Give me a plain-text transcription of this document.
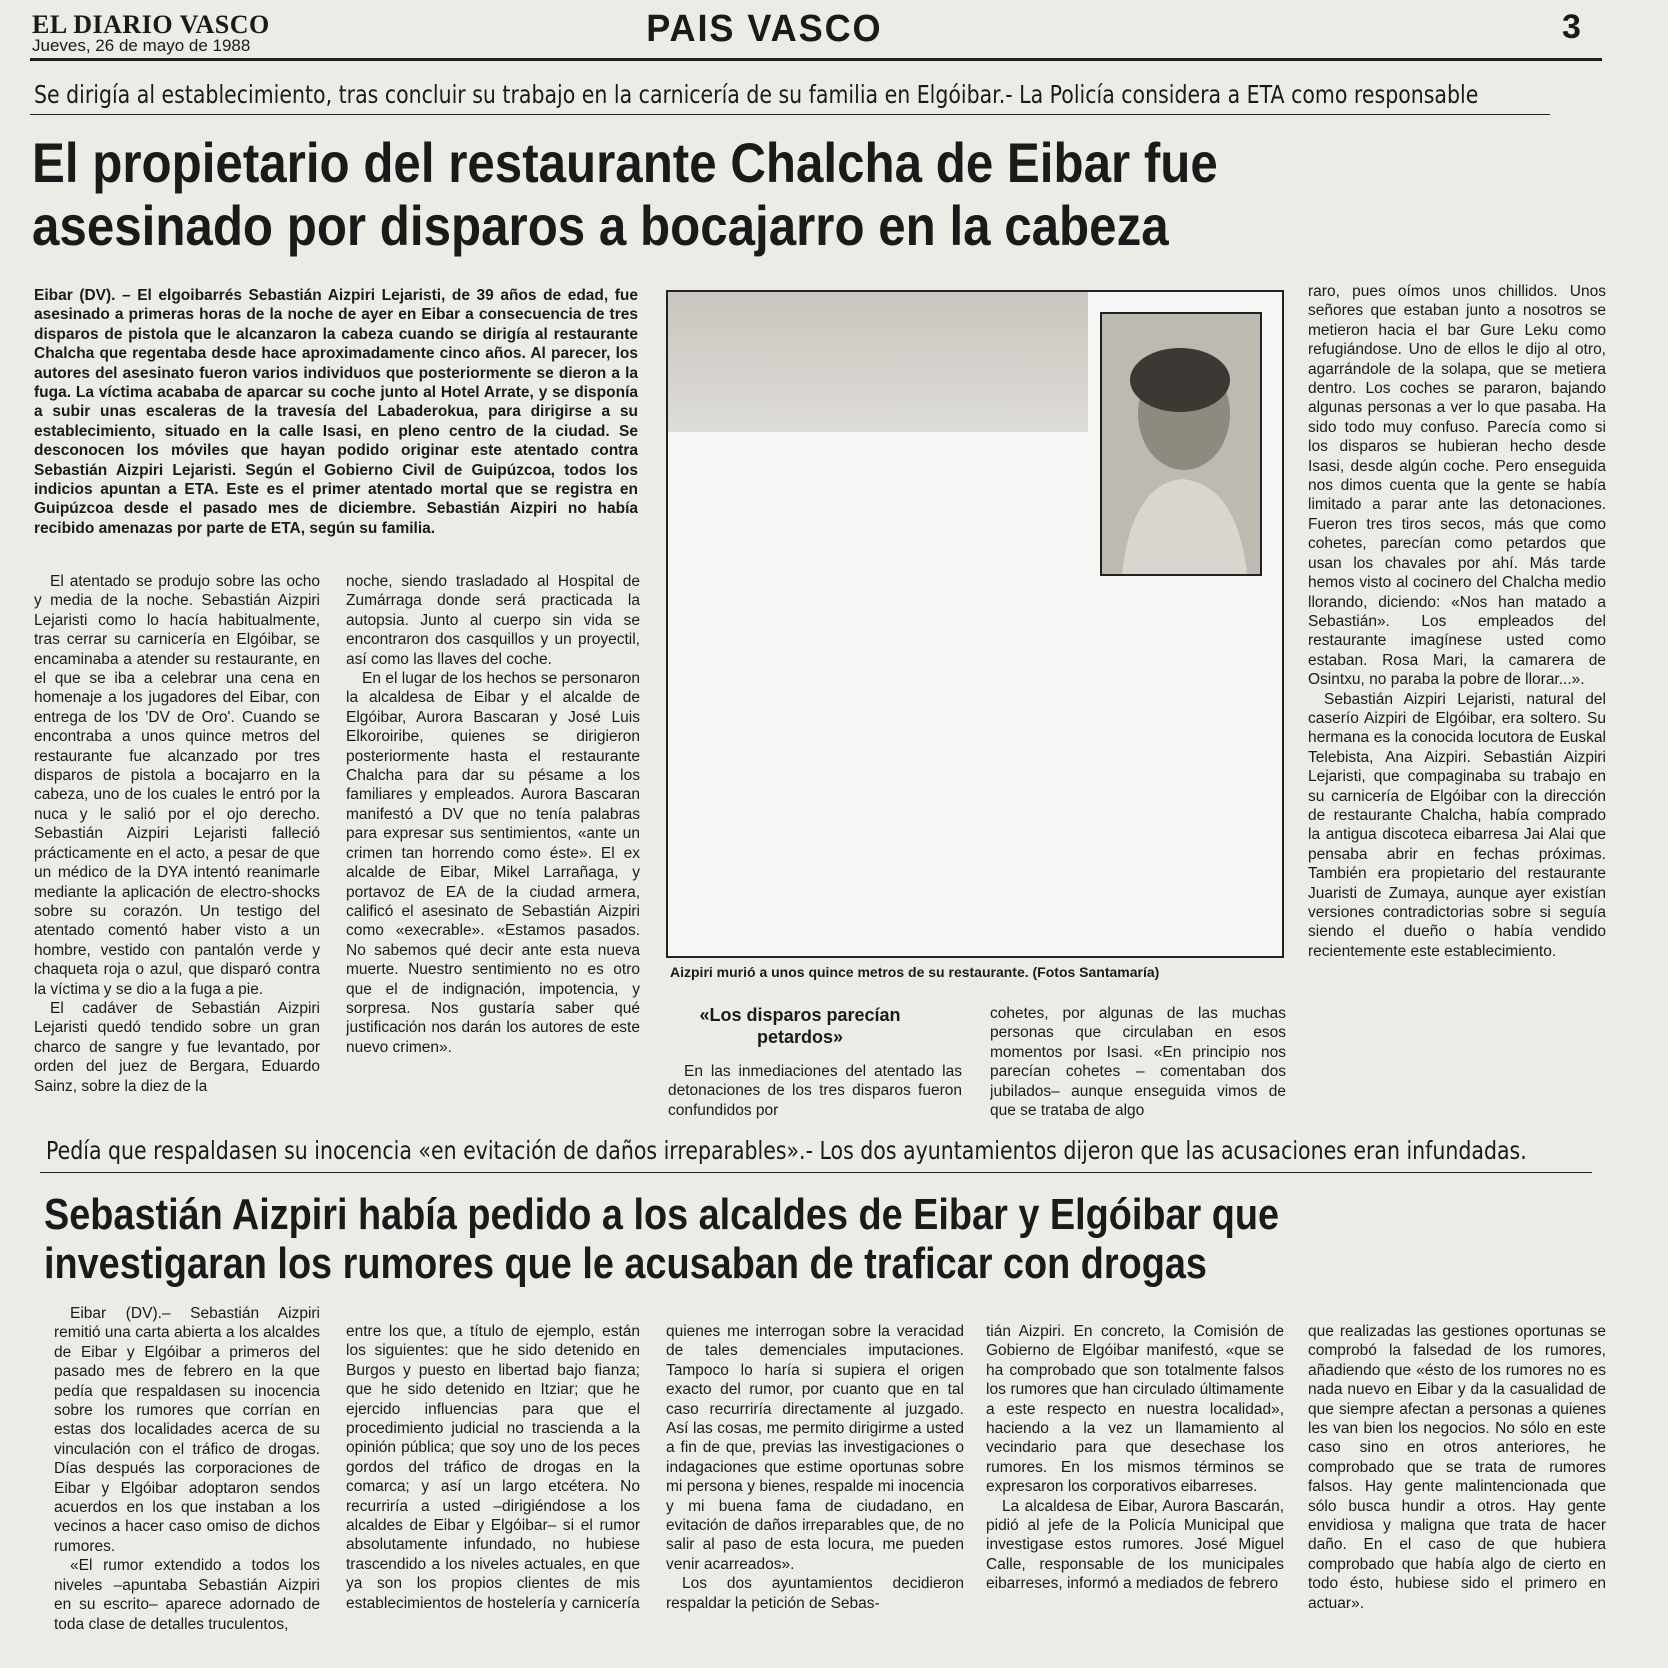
EL DIARIO VASCO
Jueves, 26 de mayo de 1988	PAIS VASCO	3
Se dirigía al establecimiento, tras concluir su trabajo en la carnicería de su familia en Elgóibar.- La Policía considera a ETA como responsable
El propietario del restaurante Chalcha de Eibar fue
asesinado por disparos a bocajarro en la cabeza
Eibar (DV). – El elgoibarrés Sebastián Aizpiri Lejaristi, de 39 años de edad, fue asesinado a primeras horas de la noche de ayer en Eibar a consecuencia de tres disparos de pistola que le alcanzaron la cabeza cuando se dirigía al restaurante Chalcha que regentaba desde hace aproximadamente cinco años. Al parecer, los autores del asesinato fueron varios individuos que posteriormente se dieron a la fuga. La víctima acababa de aparcar su coche junto al Hotel Arrate, y se disponía a subir unas escaleras de la travesía del Labaderokua, para dirigirse a su establecimiento, situado en la calle Isasi, en pleno centro de la ciudad. Se desconocen los móviles que hayan podido originar este atentado contra Sebastián Aizpiri Lejaristi. Según el Gobierno Civil de Guipúzcoa, todos los indicios apuntan a ETA. Este es el primer atentado mortal que se registra en Guipúzcoa desde el pasado mes de diciembre. Sebastián Aizpiri no había recibido amenazas por parte de ETA, según su familia.

El atentado se produjo sobre las ocho y media de la noche. Sebastián Aizpiri Lejaristi como lo hacía habitualmente, tras cerrar su carnicería en Elgóibar, se encaminaba a atender su restaurante, en el que se iba a celebrar una cena en homenaje a los jugadores del Eibar, con entrega de los 'DV de Oro'. Cuando se encontraba a unos quince metros del restaurante fue alcanzado por tres disparos de pistola a bocajarro en la cabeza, uno de los cuales le entró por la nuca y le salió por el ojo derecho. Sebastián Aizpiri Lejaristi falleció prácticamente en el acto, a pesar de que un médico de la DYA intentó reanimarle mediante la aplicación de electro-shocks sobre su corazón. Un testigo del atentado comentó haber visto a un hombre, vestido con pantalón verde y chaqueta roja o azul, que disparó contra la víctima y se dio a la fuga a pie.

El cadáver de Sebastián Aizpiri Lejaristi quedó tendido sobre un gran charco de sangre y fue levantado, por orden del juez de Bergara, Eduardo Sainz, sobre la diez de la

noche, siendo trasladado al Hospital de Zumárraga donde será practicada la autopsia. Junto al cuerpo sin vida se encontraron dos casquillos y un proyectil, así como las llaves del coche.

En el lugar de los hechos se personaron la alcaldesa de Eibar y el alcalde de Elgóibar, Aurora Bascaran y José Luis Elkoroiribe, quienes se dirigieron posteriormente hasta el restaurante Chalcha para dar su pésame a los familiares y empleados. Aurora Bascaran manifestó a DV que no tenía palabras para expresar sus sentimientos, «ante un crimen tan horrendo como éste». El ex alcalde de Eibar, Mikel Larrañaga, y portavoz de EA de la ciudad armera, calificó el asesinato de Sebastián Aizpiri como «execrable». «Estamos pasados. No sabemos qué decir ante esta nueva muerte. Nuestro sentimiento no es otro que el de indignación, impotencia, y sorpresa. Nos gustaría saber qué justificación nos darán los autores de este nuevo crimen».

Aizpiri murió a unos quince metros de su restaurante. (Fotos Santamaría)
«Los disparos parecían petardos»

En las inmediaciones del atentado las detonaciones de los tres disparos fueron confundidos por

cohetes, por algunas de las muchas personas que circulaban en esos momentos por Isasi. «En principio nos parecían cohetes – comentaban dos jubilados– aunque enseguida vimos de que se trataba de algo

raro, pues oímos unos chillidos. Unos señores que estaban junto a nosotros se metieron hacia el bar Gure Leku como refugiándose. Uno de ellos le dijo al otro, agarrándole de la solapa, que se metiera dentro. Los coches se pararon, bajando algunas personas a ver lo que pasaba. Ha sido todo muy confuso. Parecía como si los disparos se hubieran hecho desde Isasi, desde algún coche. Pero enseguida nos dimos cuenta que la gente se había limitado a parar ante las detonaciones. Fueron tres tiros secos, más que como cohetes, parecían como petardos que usan los chavales por ahí. Más tarde hemos visto al cocinero del Chalcha medio llorando, diciendo: «Nos han matado a Sebastián». Los empleados del restaurante imagínese usted como estaban. Rosa Mari, la camarera de Osintxu, no paraba la pobre de llorar...».

Sebastián Aizpiri Lejaristi, natural del caserío Aizpiri de Elgóibar, era soltero. Su hermana es la conocida locutora de Euskal Telebista, Ana Aizpiri. Sebastián Aizpiri Lejaristi, que compaginaba su trabajo en su carnicería de Elgóibar con la dirección de restaurante Chalcha, había comprado la antigua discoteca eibarresa Jai Alai que pensaba abrir en fechas próximas. También era propietario del restaurante Juaristi de Zumaya, aunque ayer existían versiones contradictorias sobre si seguía siendo el dueño o había vendido recientemente este establecimiento.

Pedía que respaldasen su inocencia «en evitación de daños irreparables».- Los dos ayuntamientos dijeron que las acusaciones eran infundadas.
Sebastián Aizpiri había pedido a los alcaldes de Eibar y Elgóibar que
investigaran los rumores que le acusaban de traficar con drogas

Eibar (DV).– Sebastián Aizpiri remitió una carta abierta a los alcaldes de Eibar y Elgóibar a primeros del pasado mes de febrero en la que pedía que respaldasen su inocencia sobre los rumores que corrían en estas dos localidades acerca de su vinculación con el tráfico de drogas. Días después las corporaciones de Eibar y Elgóibar adoptaron sendos acuerdos en los que instaban a los vecinos a hacer caso omiso de dichos rumores.

«El rumor extendido a todos los niveles –apuntaba Sebastián Aizpiri en su escrito– aparece adornado de toda clase de detalles truculentos,

entre los que, a título de ejemplo, están los siguientes: que he sido detenido en Burgos y puesto en libertad bajo fianza; que he sido detenido en Itziar; que he ejercido influencias para que el procedimiento judicial no trascienda a la opinión pública; que soy uno de los peces gordos del tráfico de drogas en la comarca; y así un largo etcétera. No recurriría a usted –dirigiéndose a los alcaldes de Eibar y Elgóibar– si el rumor absolutamente infundado, no hubiese trascendido a los niveles actuales, en que ya son los propios clientes de mis establecimientos de hostelería y carnicería

quienes me interrogan sobre la veracidad de tales demenciales imputaciones. Tampoco lo haría si supiera el origen exacto del rumor, por cuanto que en tal caso recurriría directamente al juzgado. Así las cosas, me permito dirigirme a usted a fin de que, previas las investigaciones o indagaciones que estime oportunas sobre mi persona y bienes, respalde mi inocencia y mi buena fama de ciudadano, en evitación de daños irreparables que, de no salir al paso de esta locura, me pueden venir acarreados».

Los dos ayuntamientos decidieron respaldar la petición de Sebas-

tián Aizpiri. En concreto, la Comisión de Gobierno de Elgóibar manifestó, «que se ha comprobado que son totalmente falsos los rumores que han circulado últimamente a este respecto en nuestra localidad», haciendo a la vez un llamamiento al vecindario para que desechase los rumores. En los mismos términos se expresaron los corporativos eibarreses.

La alcaldesa de Eibar, Aurora Bascarán, pidió al jefe de la Policía Municipal que investigase estos rumores. José Miguel Calle, responsable de los municipales eibarreses, informó a mediados de febrero

que realizadas las gestiones oportunas se comprobó la falsedad de los rumores, añadiendo que «ésto de los rumores no es nada nuevo en Eibar y da la casualidad de que siempre afectan a personas a quienes les van bien los negocios. No sólo en este caso sino en otros anteriores, he comprobado que se trata de rumores falsos. Hay gente malintencionada que sólo busca hundir a otros. Hay gente envidiosa y maligna que trata de hacer daño. En el caso de que hubiera comprobado que había algo de cierto en todo ésto, hubiese sido el primero en actuar».
